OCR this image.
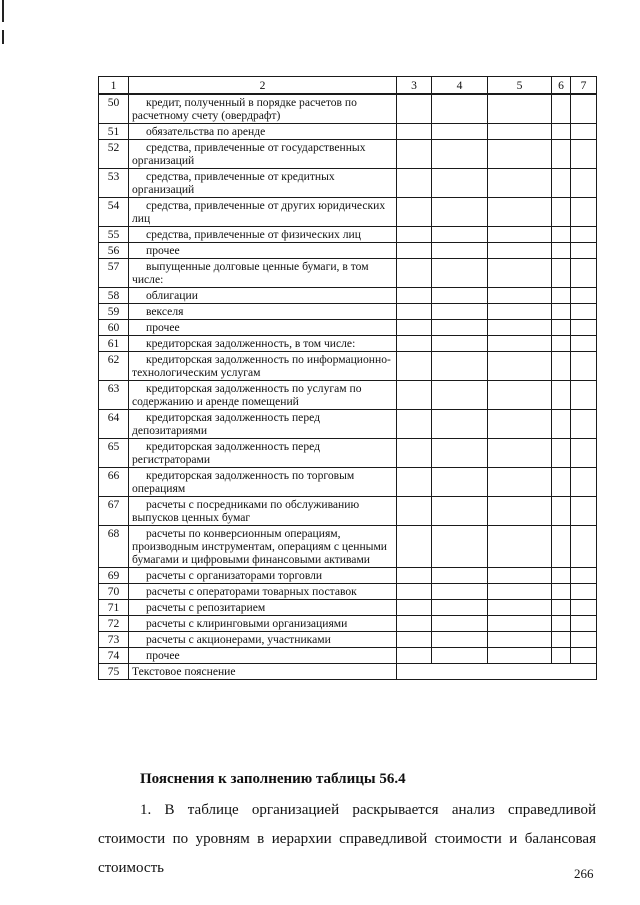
1	2	3	4	5	6	7
50	кредит, полученный в порядке расчетов по расчетному счету (овердрафт)					

51	обязательства по аренде					

52	средства, привлеченные от государственных организаций					

53	средства, привлеченные от кредитных организаций					

54	средства, привлеченные от других юридических лиц					

55	средства, привлеченные от физических лиц					

56	прочее					

57	выпущенные долговые ценные бумаги, в том числе:					

58	облигации					

59	векселя					

60	прочее					

61	кредиторская задолженность, в том числе:					

62	кредиторская задолженность по информационно-технологическим услугам					

63	кредиторская задолженность по услугам по содержанию и аренде помещений					

64	кредиторская задолженность перед депозитариями					

65	кредиторская задолженность перед регистраторами					

66	кредиторская задолженность по торговым операциям					

67	расчеты с посредниками по обслуживанию выпусков ценных бумаг					

68	расчеты по конверсионным операциям, производным инструментам, операциям с ценными бумагами и цифровыми финансовыми активами					

69	расчеты с организаторами торговли					

70	расчеты с операторами товарных поставок					

71	расчеты с репозитарием					

72	расчеты с клиринговыми организациями					

73	расчеты с акционерами, участниками					

74	прочее					

75	Текстовое пояснение					

Пояснения к заполнению таблицы 56.4

1. В таблице организацией раскрывается анализ справедливой стоимости по уровням в иерархии справедливой стоимости и балансовая стоимость	266
